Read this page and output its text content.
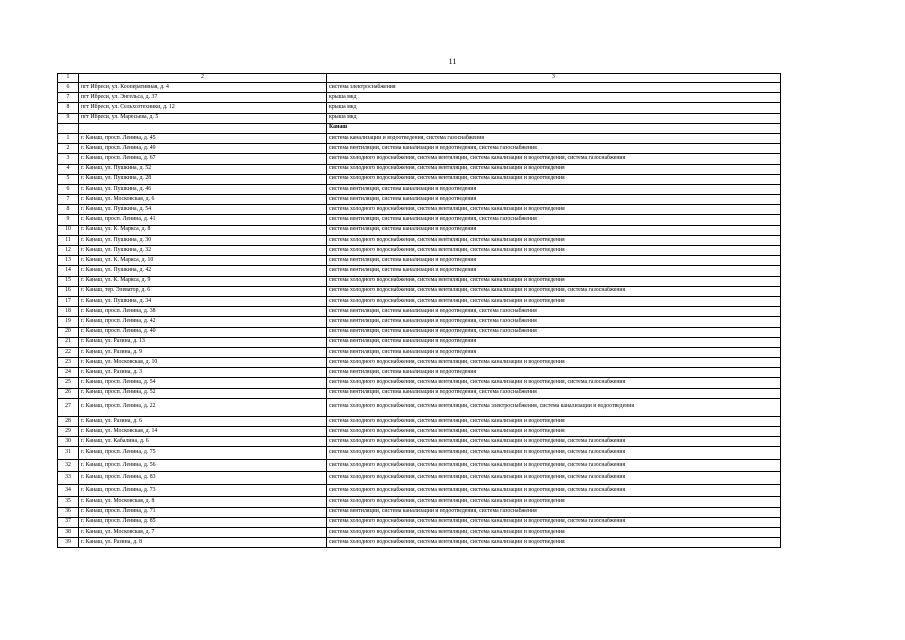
11
1	2	3
6	пгт Ибреси, ул. Кооперативная, д. 4	система электроснабжения
7	пгт Ибреси, ул. Энгельса, д. 37	крыша мкд
8	пгт Ибреси, ул. Сельхозтехники, д. 12	крыша мкд
9	пгт Ибреси, ул. Маресьева, д. 5	крыша мкд
		Канаш
1	г. Канаш, просп. Ленина, д. 45	система канализации и водоотведения, система газоснабжения
2	г. Канаш, просп. Ленина, д. 49	система вентиляции, система канализации и водоотведения, система газоснабжения
3	г. Канаш, просп. Ленина, д. 67	система холодного водоснабжения, система вентиляции, система канализации и водоотведения, система газоснабжения
4	г. Канаш, ул. Пушкина, д. 52	система холодного водоснабжения, система вентиляции, система канализации и водоотведения
5	г. Канаш, ул. Пушкина, д. 28	система холодного водоснабжения, система вентиляции, система канализации и водоотведения
6	г. Канаш, ул. Пушкина, д. 46	система вентиляции, система канализации и водоотведения
7	г. Канаш, ул. Московская, д. 6	система вентиляции, система канализации и водоотведения
8	г. Канаш, ул. Пушкина, д. 54	система холодного водоснабжения, система вентиляции, система канализации и водоотведения
9	г. Канаш, просп. Ленина, д. 41	система вентиляции, система канализации и водоотведения, система газоснабжения
10	г. Канаш, ул. К. Маркса, д. 8	система вентиляции, система канализации и водоотведения
11	г. Канаш, ул. Пушкина, д. 30	система холодного водоснабжения, система вентиляции, система канализации и водоотведения
12	г. Канаш, ул. Пушкина, д. 32	система холодного водоснабжения, система вентиляции, система канализации и водоотведения
13	г. Канаш, ул. К. Маркса, д. 10	система вентиляции, система канализации и водоотведения
14	г. Канаш, ул. Пушкина, д. 42	система вентиляции, система канализации и водоотведения
15	г. Канаш, ул. К. Маркса, д. 9	система холодного водоснабжения, система вентиляции, система канализации и водоотведения
16	г. Канаш, тер. Элеватор, д. 6	система холодного водоснабжения, система вентиляции, система канализации и водоотведения, система газоснабжения
17	г. Канаш, ул. Пушкина, д. 34	система холодного водоснабжения, система вентиляции, система канализации и водоотведения
18	г. Канаш, просп. Ленина, д. 38	система вентиляции, система канализации и водоотведения, система газоснабжения
19	г. Канаш, просп. Ленина, д. 42	система вентиляции, система канализации и водоотведения, система газоснабжения
20	г. Канаш, просп. Ленина, д. 40	система вентиляции, система канализации и водоотведения, система газоснабжения
21	г. Канаш, ул. Разина, д. 13	система вентиляции, система канализации и водоотведения
22	г. Канаш, ул. Разина, д. 9	система вентиляции, система канализации и водоотведения
23	г. Канаш, ул. Московская, д. 10	система холодного водоснабжения, система вентиляции, система канализации и водоотведения
24	г. Канаш, ул. Разина, д. 3	система вентиляции, система канализации и водоотведения
25	г. Канаш, просп. Ленина, д. 54	система холодного водоснабжения, система вентиляции, система канализации и водоотведения, система газоснабжения
26	г. Канаш, просп. Ленина, д. 52	система вентиляции, система канализации и водоотведения, система газоснабжения
27	г. Канаш, просп. Ленина, д. 22	система холодного водоснабжения, система вентиляции, система электроснабжения, система канализации и водоотведения
28	г. Канаш, ул. Разина, д. 6	система холодного водоснабжения, система вентиляции, система канализации и водоотведения
29	г. Канаш, ул. Московская, д. 14	система холодного водоснабжения, система вентиляции, система канализации и водоотведения
30	г. Канаш, ул. Кабалина, д. 6	система холодного водоснабжения, система вентиляции, система канализации и водоотведения, система газоснабжения
31	г. Канаш, просп. Ленина, д. 75	система холодного водоснабжения, система вентиляции, система канализации и водоотведения, система газоснабжения
32	г. Канаш, просп. Ленина, д. 56	система холодного водоснабжения, система вентиляции, система канализации и водоотведения, система газоснабжения
33	г. Канаш, просп. Ленина, д. 83	система холодного водоснабжения, система вентиляции, система канализации и водоотведения, система газоснабжения
34	г. Канаш, просп. Ленина, д. 73	система холодного водоснабжения, система вентиляции, система канализации и водоотведения, система газоснабжения
35	г. Канаш, ул. Московская, д. 8	система холодного водоснабжения, система вентиляции, система канализации и водоотведения
36	г. Канаш, просп. Ленина, д. 71	система вентиляции, система канализации и водоотведения, система газоснабжения
37	г. Канаш, просп. Ленина, д. 85	система холодного водоснабжения, система вентиляции, система канализации и водоотведения, система газоснабжения
38	г. Канаш, ул. Московская, д. 7	система холодного водоснабжения, система вентиляции, система канализации и водоотведения
39	г. Канаш, ул. Разина, д. 8	система холодного водоснабжения, система вентиляции, система канализации и водоотведения
